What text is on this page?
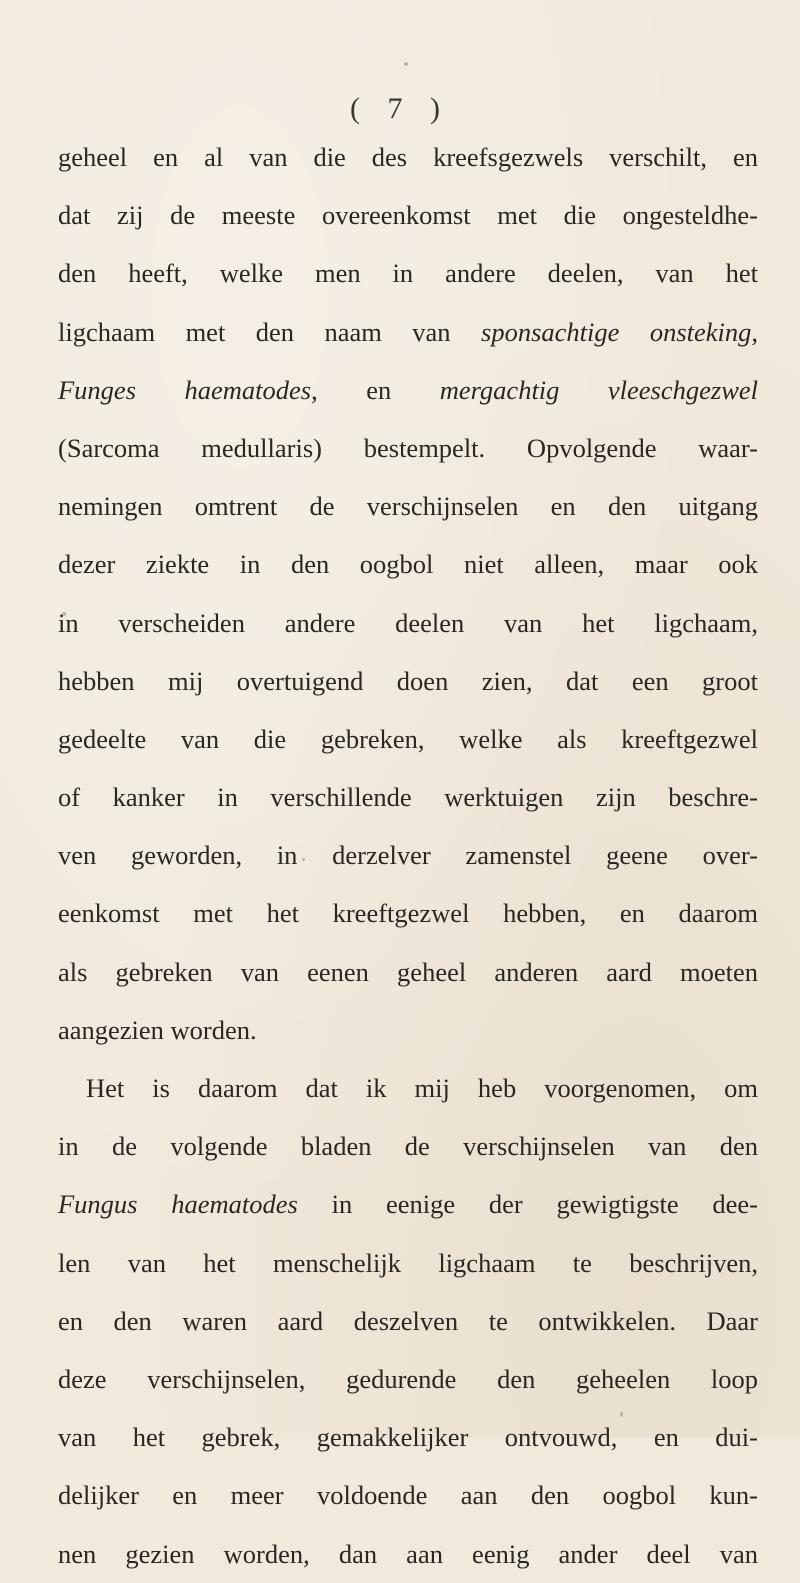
( 7 )
geheel en al van die des kreefsgezwels verschilt, en
dat zij de meeste overeenkomst met die ongesteldhe-
den heeft, welke men in andere deelen, van het
ligchaam met den naam van sponsachtige onsteking,
Funges haematodes, en mergachtig vleeschgezwel
(Sarcoma medullaris) bestempelt. Opvolgende waar-
nemingen omtrent de verschijnselen en den uitgang
dezer ziekte in den oogbol niet alleen, maar ook
in verscheiden andere deelen van het ligchaam,
hebben mij overtuigend doen zien, dat een groot
gedeelte van die gebreken, welke als kreeftgezwel
of kanker in verschillende werktuigen zijn beschre-
ven geworden, in derzelver zamenstel geene over-
eenkomst met het kreeftgezwel hebben, en daarom
als gebreken van eenen geheel anderen aard moeten
aangezien worden.
Het is daarom dat ik mij heb voorgenomen, om
in de volgende bladen de verschijnselen van den
Fungus haematodes in eenige der gewigtigste dee-
len van het menschelijk ligchaam te beschrijven,
en den waren aard deszelven te ontwikkelen. Daar
deze verschijnselen, gedurende den geheelen loop
van het gebrek, gemakkelijker ontvouwd, en dui-
delijker en meer voldoende aan den oogbol kun-
nen gezien worden, dan aan eenig ander deel van
